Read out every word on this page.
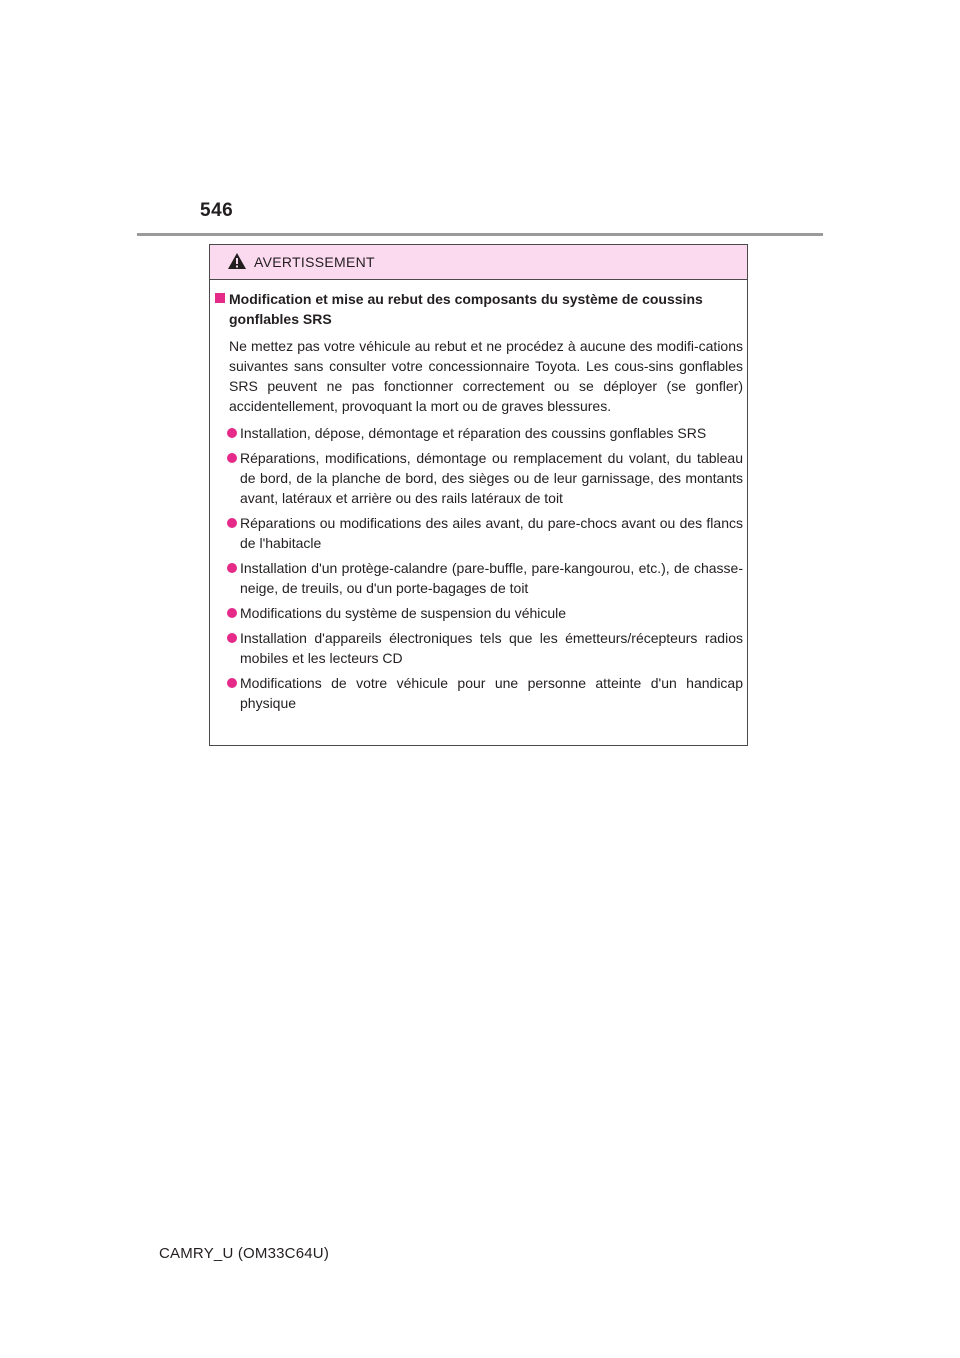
546
AVERTISSEMENT
Modification et mise au rebut des composants du système de coussins gonflables SRS
Ne mettez pas votre véhicule au rebut et ne procédez à aucune des modifi-cations suivantes sans consulter votre concessionnaire Toyota. Les cous-sins gonflables SRS peuvent ne pas fonctionner correctement ou se déployer (se gonfler) accidentellement, provoquant la mort ou de graves blessures.
Installation, dépose, démontage et réparation des coussins gonflables SRS
Réparations, modifications, démontage ou remplacement du volant, du tableau de bord, de la planche de bord, des sièges ou de leur garnissage, des montants avant, latéraux et arrière ou des rails latéraux de toit
Réparations ou modifications des ailes avant, du pare-chocs avant ou des flancs de l'habitacle
Installation d'un protège-calandre (pare-buffle, pare-kangourou, etc.), de chasse-neige, de treuils, ou d'un porte-bagages de toit
Modifications du système de suspension du véhicule
Installation d'appareils électroniques tels que les émetteurs/récepteurs radios mobiles et les lecteurs CD
Modifications de votre véhicule pour une personne atteinte d'un handicap physique
CAMRY_U (OM33C64U)
